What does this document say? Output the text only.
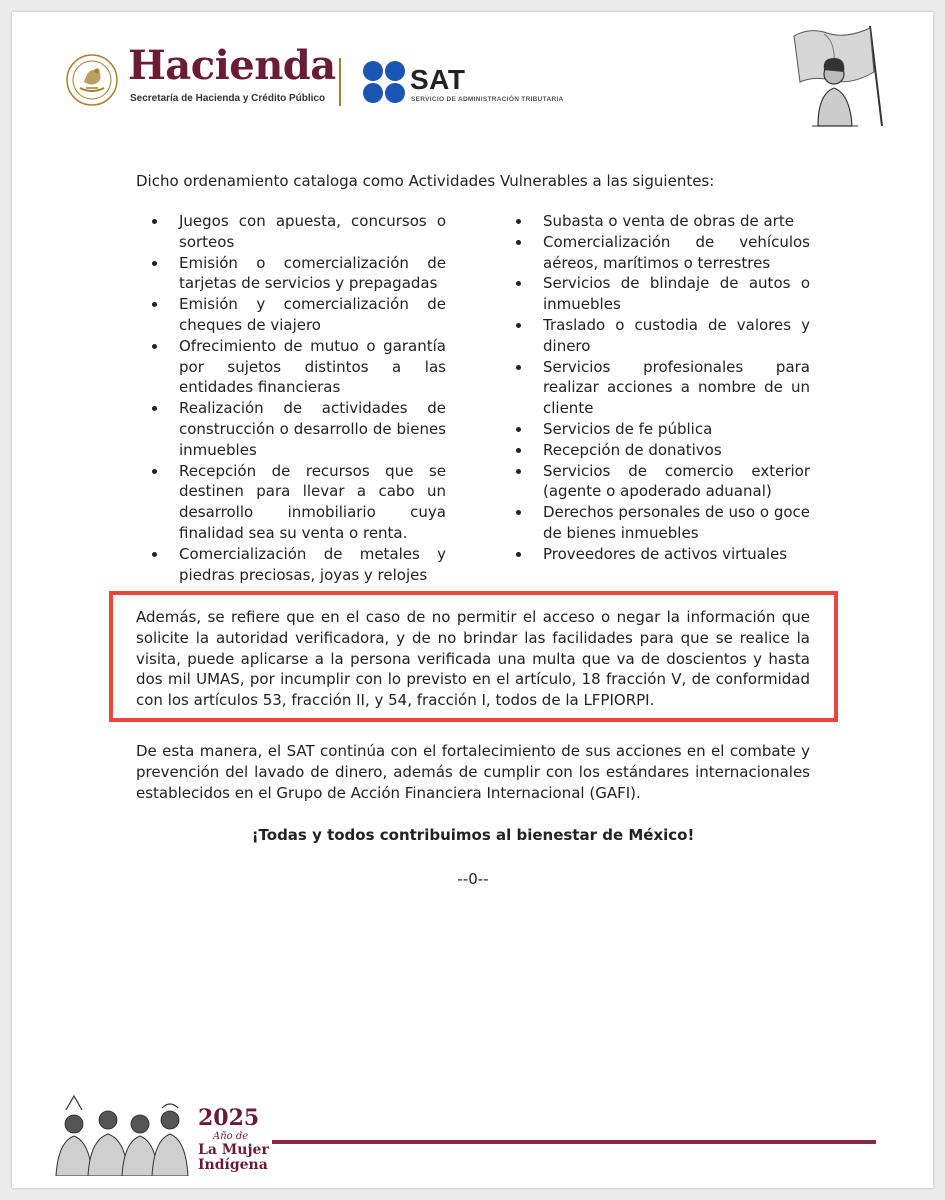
Hacienda
Secretaría de Hacienda y Crédito Público
SAT
SERVICIO DE ADMINISTRACIÓN TRIBUTARIA

Dicho ordenamiento cataloga como Actividades Vulnerables a las siguientes:

Juegos con apuesta, concursos o sorteos
Emisión o comercialización de tarjetas de servicios y prepagadas
Emisión y comercialización de cheques de viajero
Ofrecimiento de mutuo o garantía por sujetos distintos a las entidades financieras
Realización de actividades de construcción o desarrollo de bienes inmuebles
Recepción de recursos que se destinen para llevar a cabo un desarrollo inmobiliario cuya finalidad sea su venta o renta.
Comercialización de metales y piedras preciosas, joyas y relojes
Subasta o venta de obras de arte
Comercialización de vehículos aéreos, marítimos o terrestres
Servicios de blindaje de autos o inmuebles
Traslado o custodia de valores y dinero
Servicios profesionales para realizar acciones a nombre de un cliente
Servicios de fe pública
Recepción de donativos
Servicios de comercio exterior (agente o apoderado aduanal)
Derechos personales de uso o goce de bienes inmuebles
Proveedores de activos virtuales

Además, se refiere que en el caso de no permitir el acceso o negar la información que solicite la autoridad verificadora, y de no brindar las facilidades para que se realice la visita, puede aplicarse a la persona verificada una multa que va de doscientos y hasta dos mil UMAS, por incumplir con lo previsto en el artículo, 18 fracción V, de conformidad con los artículos 53, fracción II, y 54, fracción I, todos de la LFPIORPI.

De esta manera, el SAT continúa con el fortalecimiento de sus acciones en el combate y prevención del lavado de dinero, además de cumplir con los estándares internacionales establecidos en el Grupo de Acción Financiera Internacional (GAFI).

¡Todas y todos contribuimos al bienestar de México!

--0--

2025
Año de
La Mujer
Indígena
